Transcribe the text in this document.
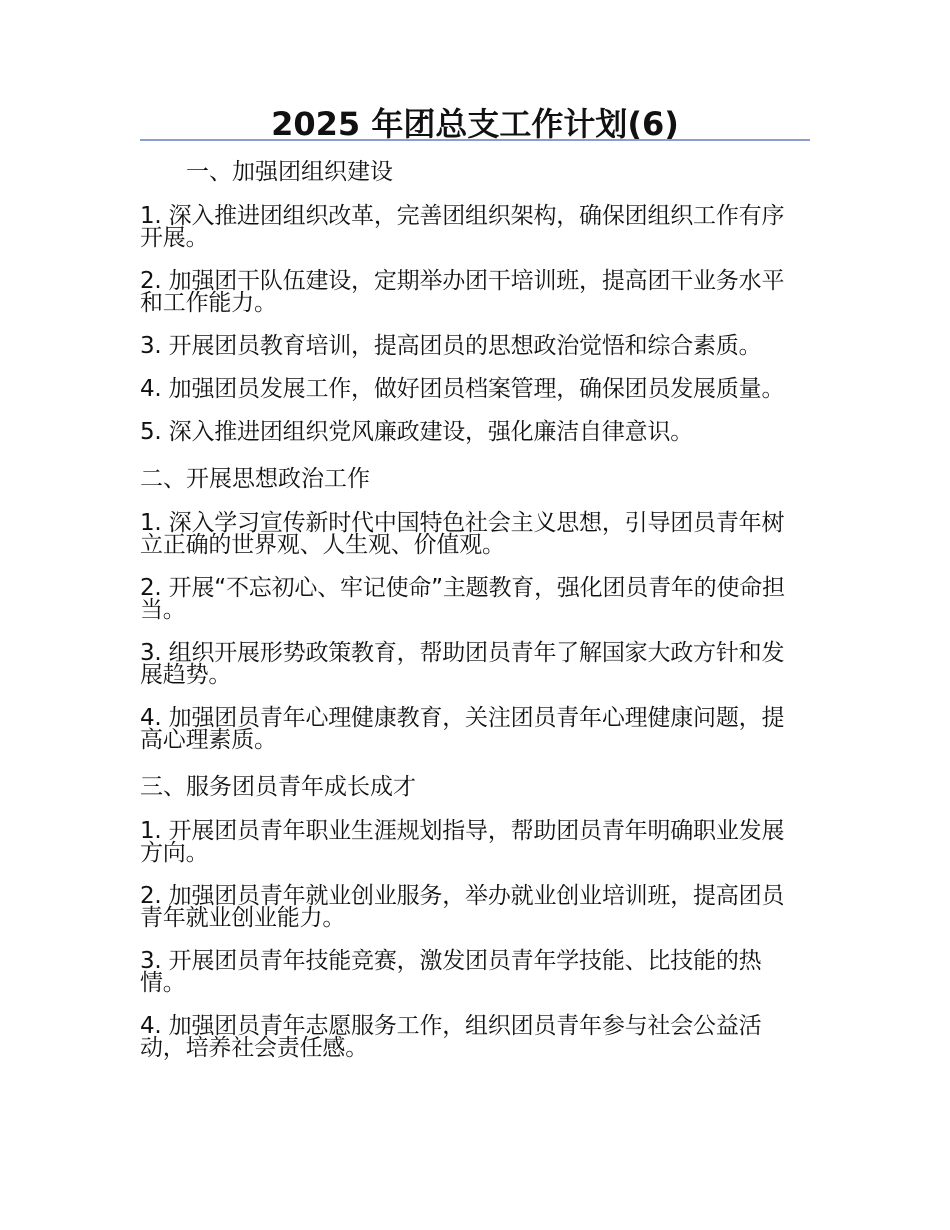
2025 年团总支工作计划(6)

一、加强团组织建设

1. 深入推进团组织改革，完善团组织架构，确保团组织工作有序开展。

2. 加强团干队伍建设，定期举办团干培训班，提高团干业务水平和工作能力。

3. 开展团员教育培训，提高团员的思想政治觉悟和综合素质。

4. 加强团员发展工作，做好团员档案管理，确保团员发展质量。

5. 深入推进团组织党风廉政建设，强化廉洁自律意识。

二、开展思想政治工作

1. 深入学习宣传新时代中国特色社会主义思想，引导团员青年树立正确的世界观、人生观、价值观。

2. 开展“不忘初心、牢记使命”主题教育，强化团员青年的使命担当。

3. 组织开展形势政策教育，帮助团员青年了解国家大政方针和发展趋势。

4. 加强团员青年心理健康教育，关注团员青年心理健康问题，提高心理素质。

三、服务团员青年成长成才

1. 开展团员青年职业生涯规划指导，帮助团员青年明确职业发展方向。

2. 加强团员青年就业创业服务，举办就业创业培训班，提高团员青年就业创业能力。

3. 开展团员青年技能竞赛，激发团员青年学技能、比技能的热情。

4. 加强团员青年志愿服务工作，组织团员青年参与社会公益活动，培养社会责任感。
